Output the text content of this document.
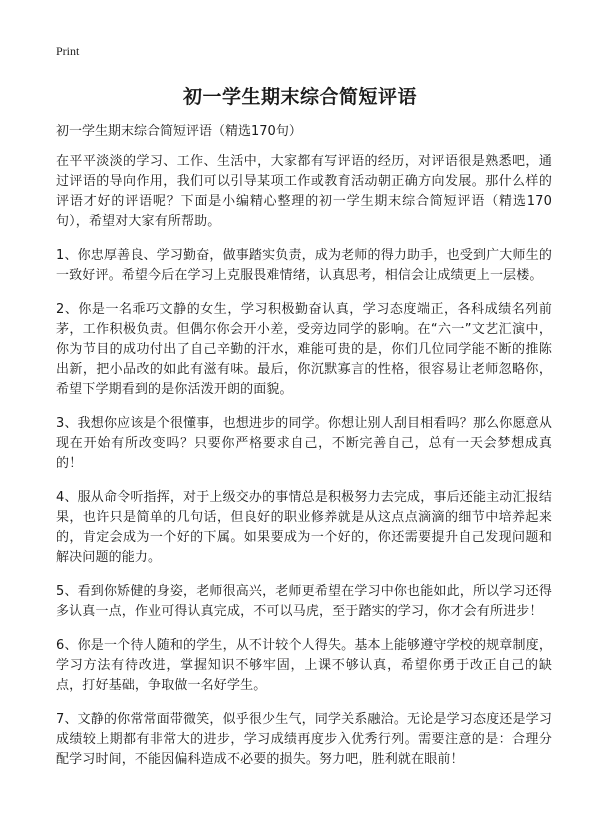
Print
初一学生期末综合简短评语

初一学生期末综合简短评语（精选170句）

在平平淡淡的学习、工作、生活中，大家都有写评语的经历，对评语很是熟悉吧，通过评语的导向作用，我们可以引导某项工作或教育活动朝正确方向发展。那什么样的评语才好的评语呢？下面是小编精心整理的初一学生期末综合简短评语（精选170句），希望对大家有所帮助。

1、你忠厚善良、学习勤奋，做事踏实负责，成为老师的得力助手，也受到广大师生的一致好评。希望今后在学习上克服畏难情绪，认真思考，相信会让成绩更上一层楼。

2、你是一名乖巧文静的女生，学习积极勤奋认真，学习态度端正，各科成绩名列前茅，工作积极负责。但偶尔你会开小差，受旁边同学的影响。在“六一”文艺汇演中，你为节目的成功付出了自己辛勤的汗水，难能可贵的是，你们几位同学能不断的推陈出新，把小品改的如此有滋有味。最后，你沉默寡言的性格，很容易让老师忽略你，希望下学期看到的是你活泼开朗的面貌。

3、我想你应该是个很懂事，也想进步的同学。你想让别人刮目相看吗？那么你愿意从现在开始有所改变吗？只要你严格要求自己，不断完善自己，总有一天会梦想成真的！

4、服从命令听指挥，对于上级交办的事情总是积极努力去完成，事后还能主动汇报结果，也许只是简单的几句话，但良好的职业修养就是从这点点滴滴的细节中培养起来的，肯定会成为一个好的下属。如果要成为一个好的，你还需要提升自己发现问题和解决问题的能力。

5、看到你矫健的身姿，老师很高兴，老师更希望在学习中你也能如此，所以学习还得多认真一点，作业可得认真完成，不可以马虎，至于踏实的学习，你才会有所进步！

6、你是一个待人随和的学生，从不计较个人得失。基本上能够遵守学校的规章制度，学习方法有待改进，掌握知识不够牢固，上课不够认真，希望你勇于改正自己的缺点，打好基础，争取做一名好学生。

7、文静的你常常面带微笑，似乎很少生气，同学关系融洽。无论是学习态度还是学习成绩较上期都有非常大的进步，学习成绩再度步入优秀行列。需要注意的是：合理分配学习时间，不能因偏科造成不必要的损失。努力吧，胜利就在眼前！
